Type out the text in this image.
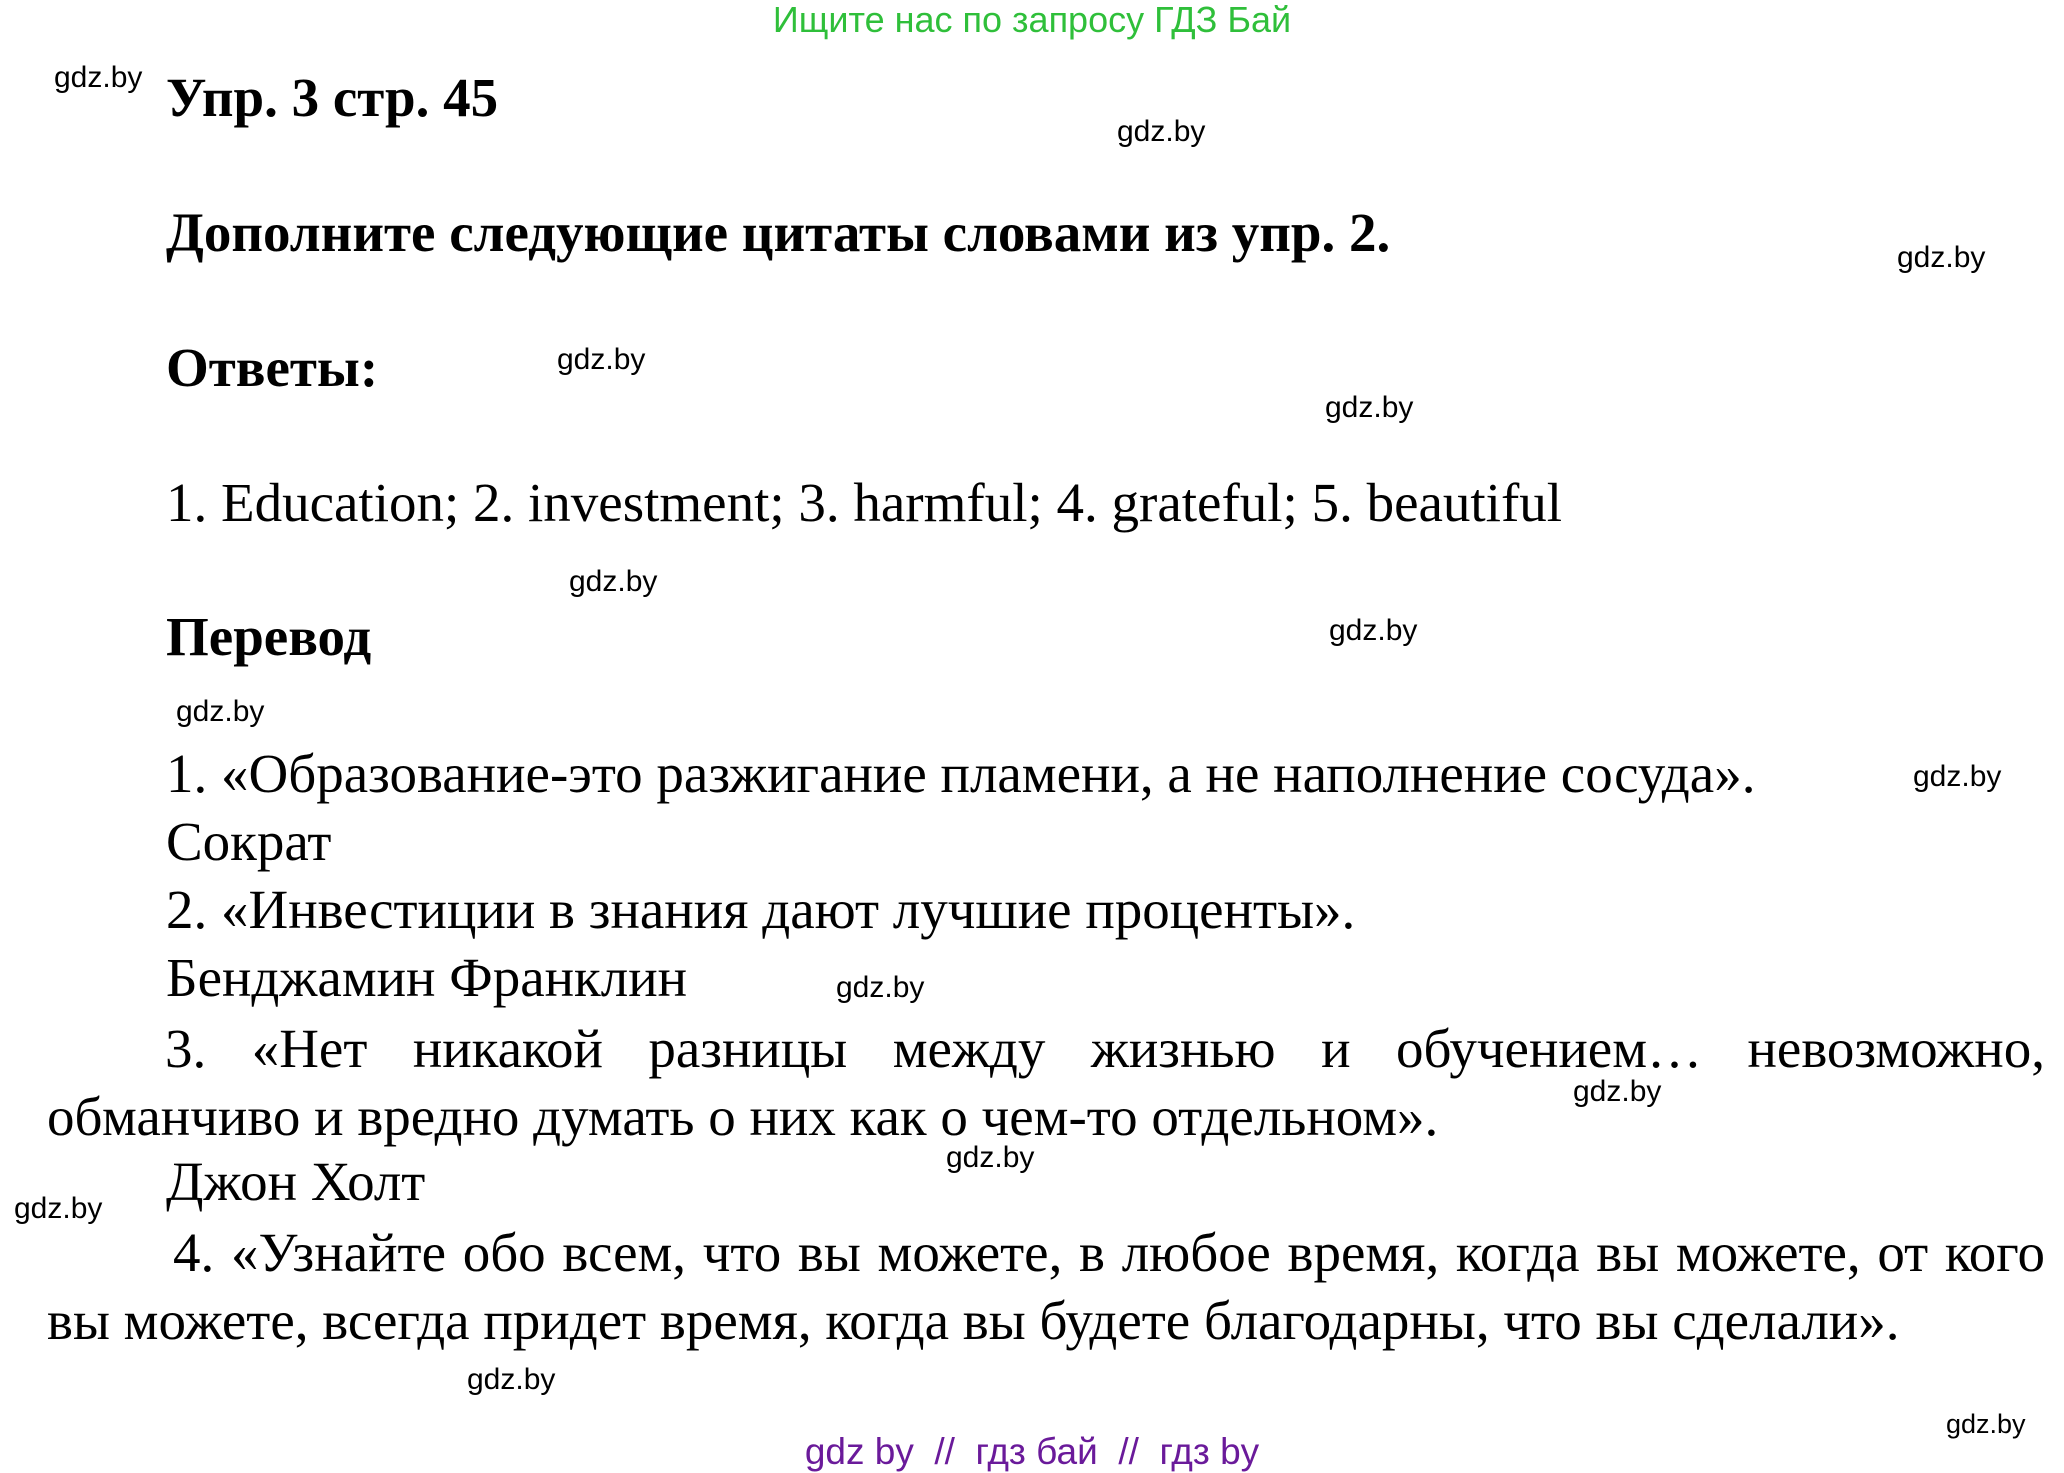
Ищите нас по запросу ГДЗ Бай
Упр. 3 стр. 45
Дополните следующие цитаты словами из упр. 2.
Ответы:
1. Education; 2. investment; 3. harmful; 4. grateful; 5. beautiful
Перевод
1. «Образование-это разжигание пламени, а не наполнение сосуда».
Сократ
2. «Инвестиции в знания дают лучшие проценты».
Бенджамин Франклин
3. «Нет никакой разницы между жизнью и обучением… невозможно, обманчиво и вредно думать о них как о чем-то отдельном».
Джон Холт
4. «Узнайте обо всем, что вы можете, в любое время, когда вы можете, от кого вы можете, всегда придет время, когда вы будете благодарны, что вы сделали».
gdz.by
gdz.by
gdz.by
gdz.by
gdz.by
gdz.by
gdz.by
gdz.by
gdz.by
gdz.by
gdz.by
gdz.by
gdz.by
gdz.by
gdz.by
gdz by  //  гдз бай  //  гдз by
